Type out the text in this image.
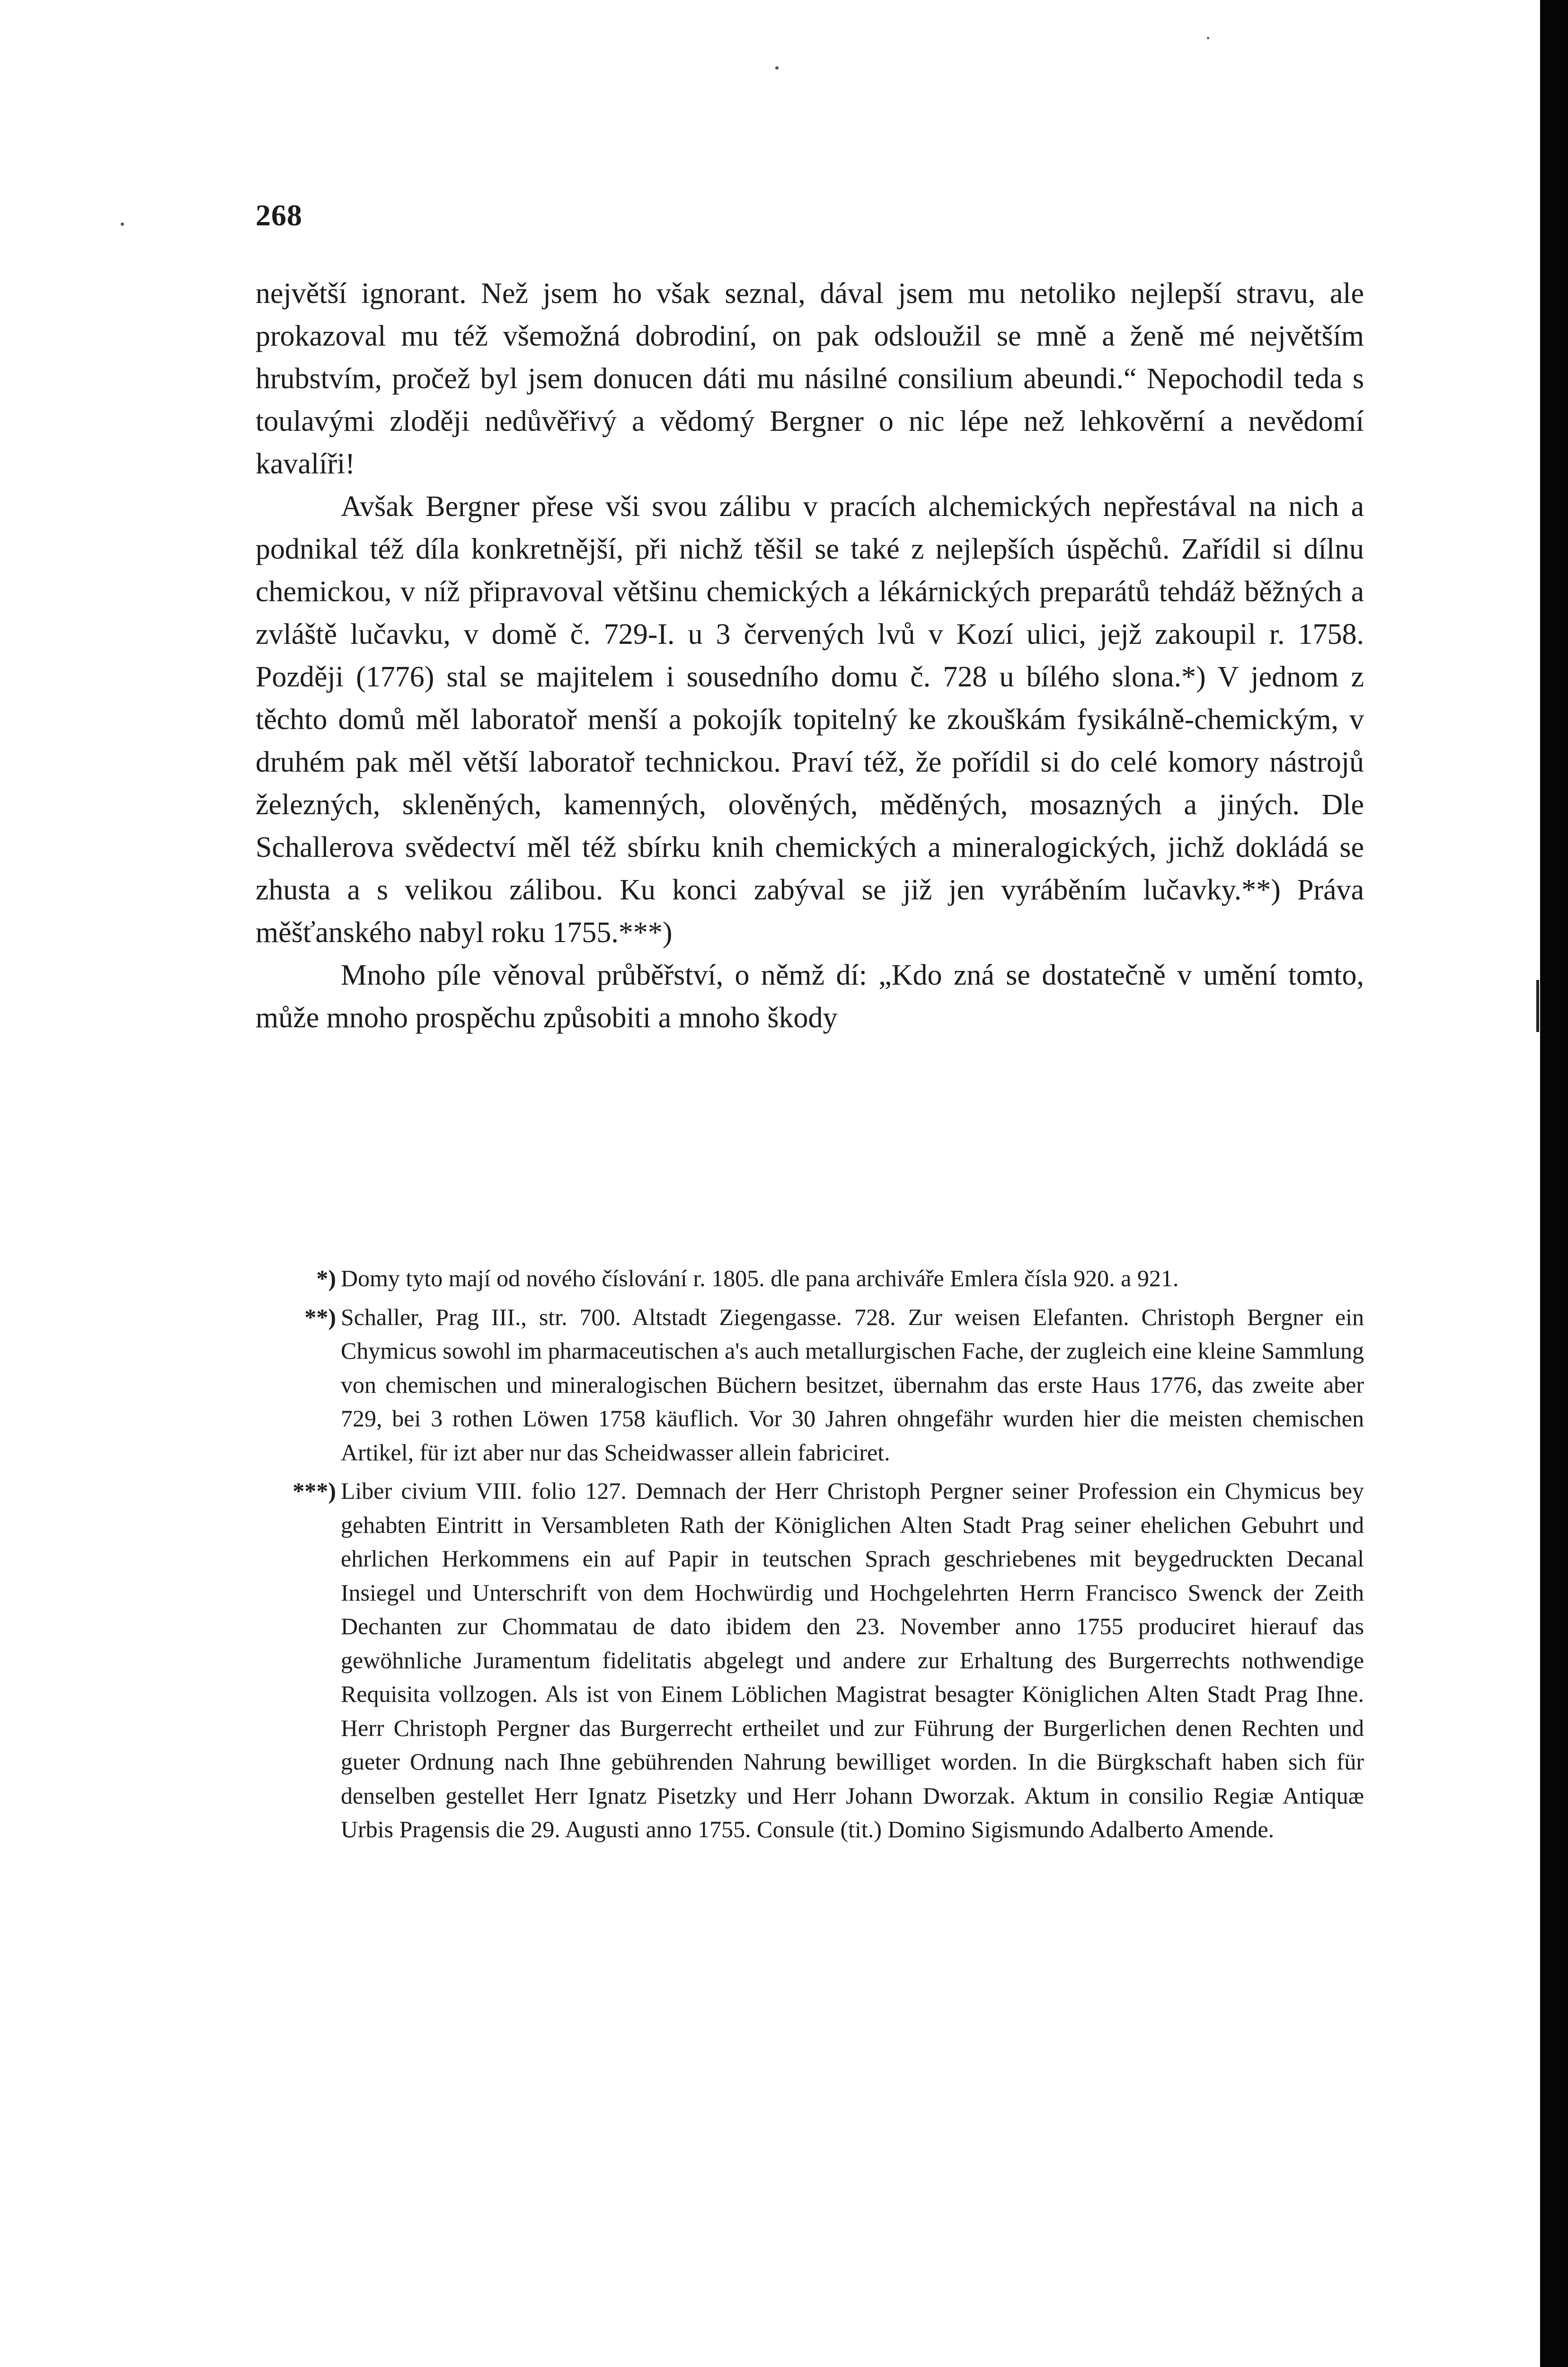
268

největší ignorant. Než jsem ho však seznal, dával jsem mu netoliko nejlepší stravu, ale prokazoval mu též všemožná dobrodiní, on pak odsloužil se mně a ženě mé největším hrubstvím, pročež byl jsem donucen dáti mu násilné consilium abeundi.“ Nepochodil teda s toulavými zloději nedůvěřivý a vědomý Bergner o nic lépe než lehkověrní a nevědomí kavalíři!

Avšak Bergner přese vši svou zálibu v pracích alchemických nepřestával na nich a podnikal též díla konkretnější, při nichž těšil se také z nejlepších úspěchů. Zařídil si dílnu chemickou, v níž připravoval většinu chemických a lékárnických preparátů tehdáž běžných a zvláště lučavku, v domě č. 729-I. u 3 červených lvů v Kozí ulici, jejž zakoupil r. 1758. Později (1776) stal se majitelem i sousedního domu č. 728 u bílého slona.*) V jednom z těchto domů měl laboratoř menší a pokojík topitelný ke zkouškám fysikálně-chemickým, v druhém pak měl větší laboratoř technickou. Praví též, že pořídil si do celé komory nástrojů železných, skleněných, kamenných, olověných, měděných, mosazných a jiných. Dle Schallerova svědectví měl též sbírku knih chemických a mineralogických, jichž dokládá se zhusta a s velikou zálibou. Ku konci zabýval se již jen vyráběním lučavky.**) Práva měšťanského nabyl roku 1755.***)

Mnoho píle věnoval průběřství, o němž dí: „Kdo zná se dostatečně v umění tomto, může mnoho prospěchu způsobiti a mnoho škody

*) Domy tyto mají od nového číslování r. 1805. dle pana archiváře Emlera čísla 920. a 921.
**) Schaller, Prag III., str. 700. Altstadt Ziegengasse. 728. Zur weisen Elefanten. Christoph Bergner ein Chymicus sowohl im pharmaceutischen a's auch metallurgischen Fache, der zugleich eine kleine Sammlung von chemischen und mineralogischen Büchern besitzet, übernahm das erste Haus 1776, das zweite aber 729, bei 3 rothen Löwen 1758 käuflich. Vor 30 Jahren ohngefähr wurden hier die meisten chemischen Artikel, für izt aber nur das Scheidwasser allein fabriciret.
***) Liber civium VIII. folio 127. Demnach der Herr Christoph Pergner seiner Profession ein Chymicus bey gehabten Eintritt in Versambleten Rath der Königlichen Alten Stadt Prag seiner ehelichen Gebuhrt und ehrlichen Herkommens ein auf Papir in teutschen Sprach geschriebenes mit beygedruckten Decanal Insiegel und Unterschrift von dem Hochwürdig und Hochgelehrten Herrn Francisco Swenck der Zeith Dechanten zur Chommatau de dato ibidem den 23. November anno 1755 produciret hierauf das gewöhnliche Juramentum fidelitatis abgelegt und andere zur Erhaltung des Burgerrechts nothwendige Requisita vollzogen. Als ist von Einem Löblichen Magistrat besagter Königlichen Alten Stadt Prag Ihne. Herr Christoph Pergner das Burgerrecht ertheilet und zur Führung der Burgerlichen denen Rechten und gueter Ordnung nach Ihne gebührenden Nahrung bewilliget worden. In die Bürgkschaft haben sich für denselben gestellet Herr Ignatz Pisetzky und Herr Johann Dworzak. Aktum in consilio Regiæ Antiquæ Urbis Pragensis die 29. Augusti anno 1755. Consule (tit.) Domino Sigismundo Adalberto Amende.
